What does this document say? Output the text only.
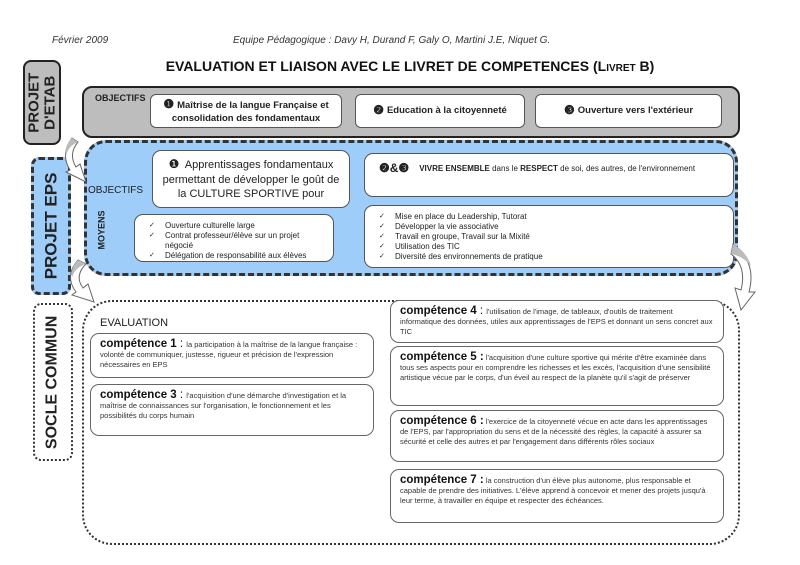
Février 2009	Equipe Pédagogique : Davy H, Durand F, Galy O, Martini J.E, Niquet G.
EVALUATION ET LIAISON AVEC LE LIVRET DE COMPETENCES (Livret B)
PROJET
D'ETAB
PROJET EPS
SOCLE COMMUN
OBJECTIFS ❶ Maîtrise de la langue Française et
consolidation des fondamentaux
❷ Education à la citoyenneté	❸ Ouverture vers l'extérieur
OBJECTIFS
MOYENS
❶ Apprentissages fondamentaux
permettant de développer le goût de
la CULTURE SPORTIVE pour
❷&❸ VIVRE ENSEMBLE dans le RESPECT de soi, des autres, de l'environnement
✓	Ouverture culturelle large
✓	Contrat professeur/élève sur un projet négocié
✓	Délégation de responsabilité aux élèves
✓	Mise en place du Leadership, Tutorat
✓	Développer la vie associative
✓	Travail en groupe, Travail sur la Mixité
✓	Utilisation des TIC
✓	Diversité des environnements de pratique
EVALUATION
compétence 1 : la participation à la maîtrise de la langue française : volonté de communiquer, justesse, rigueur et précision de l'expression nécessaires en EPS
compétence 3 : l'acquisition d'une démarche d'investigation et la maîtrise de connaissances sur l'organisation, le fonctionnement et les possibilités du corps humain
compétence 4 : l'utilisation de l'image, de tableaux, d'outils de traitement informatique des données, utiles aux apprentissages de l'EPS et donnant un sens concret aux TIC
compétence 5 : l'acquisition d'une culture sportive qui mérite d'être examinée dans tous ses aspects pour en comprendre les richesses et les excès, l'acquisition d'une sensibilité artistique vécue par le corps, d'un éveil au respect de la planète qu'il s'agit de préserver
compétence 6 : l'exercice de la citoyenneté vécue en acte dans les apprentissages de l'EPS, par l'appropriation du sens et de la nécessité des règles, la capacité à assurer sa sécurité et celle des autres et par l'engagement dans différents rôles sociaux
compétence 7 : la construction d'un élève plus autonome, plus responsable et capable de prendre des initiatives. L'élève apprend à concevoir et mener des projets jusqu'à leur terme, à travailler en équipe et respecter des échéances.
